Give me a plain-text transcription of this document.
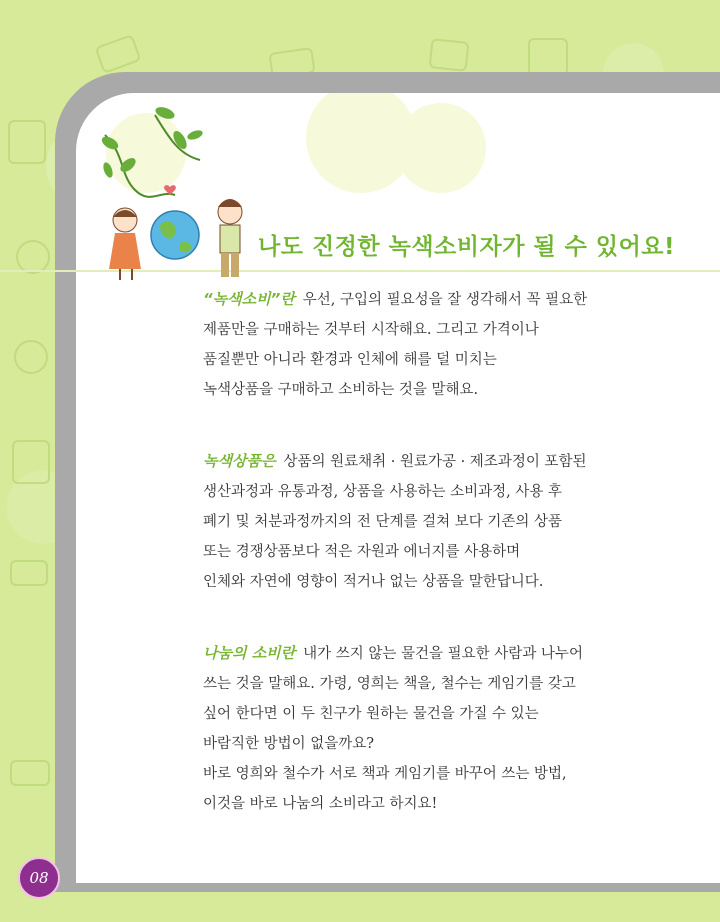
나도 진정한 녹색소비자가 될 수 있어요!
“녹색소비”란 우선, 구입의 필요성을 잘 생각해서 꼭 필요한
제품만을 구매하는 것부터 시작해요. 그리고 가격이나
품질뿐만 아니라 환경과 인체에 해를 덜 미치는
녹색상품을 구매하고 소비하는 것을 말해요.
녹색상품은 상품의 원료채취 · 원료가공 · 제조과정이 포함된
생산과정과 유통과정, 상품을 사용하는 소비과정, 사용 후
폐기 및 처분과정까지의 전 단계를 걸쳐 보다 기존의 상품
또는 경쟁상품보다 적은 자원과 에너지를 사용하며
인체와 자연에 영향이 적거나 없는 상품을 말한답니다.
나눔의 소비란 내가 쓰지 않는 물건을 필요한 사람과 나누어
쓰는 것을 말해요. 가령, 영희는 책을, 철수는 게임기를 갖고
싶어 한다면 이 두 친구가 원하는 물건을 가질 수 있는
바람직한 방법이 없을까요?
바로 영희와 철수가 서로 책과 게임기를 바꾸어 쓰는 방법,
이것을 바로 나눔의 소비라고 하지요!
08
